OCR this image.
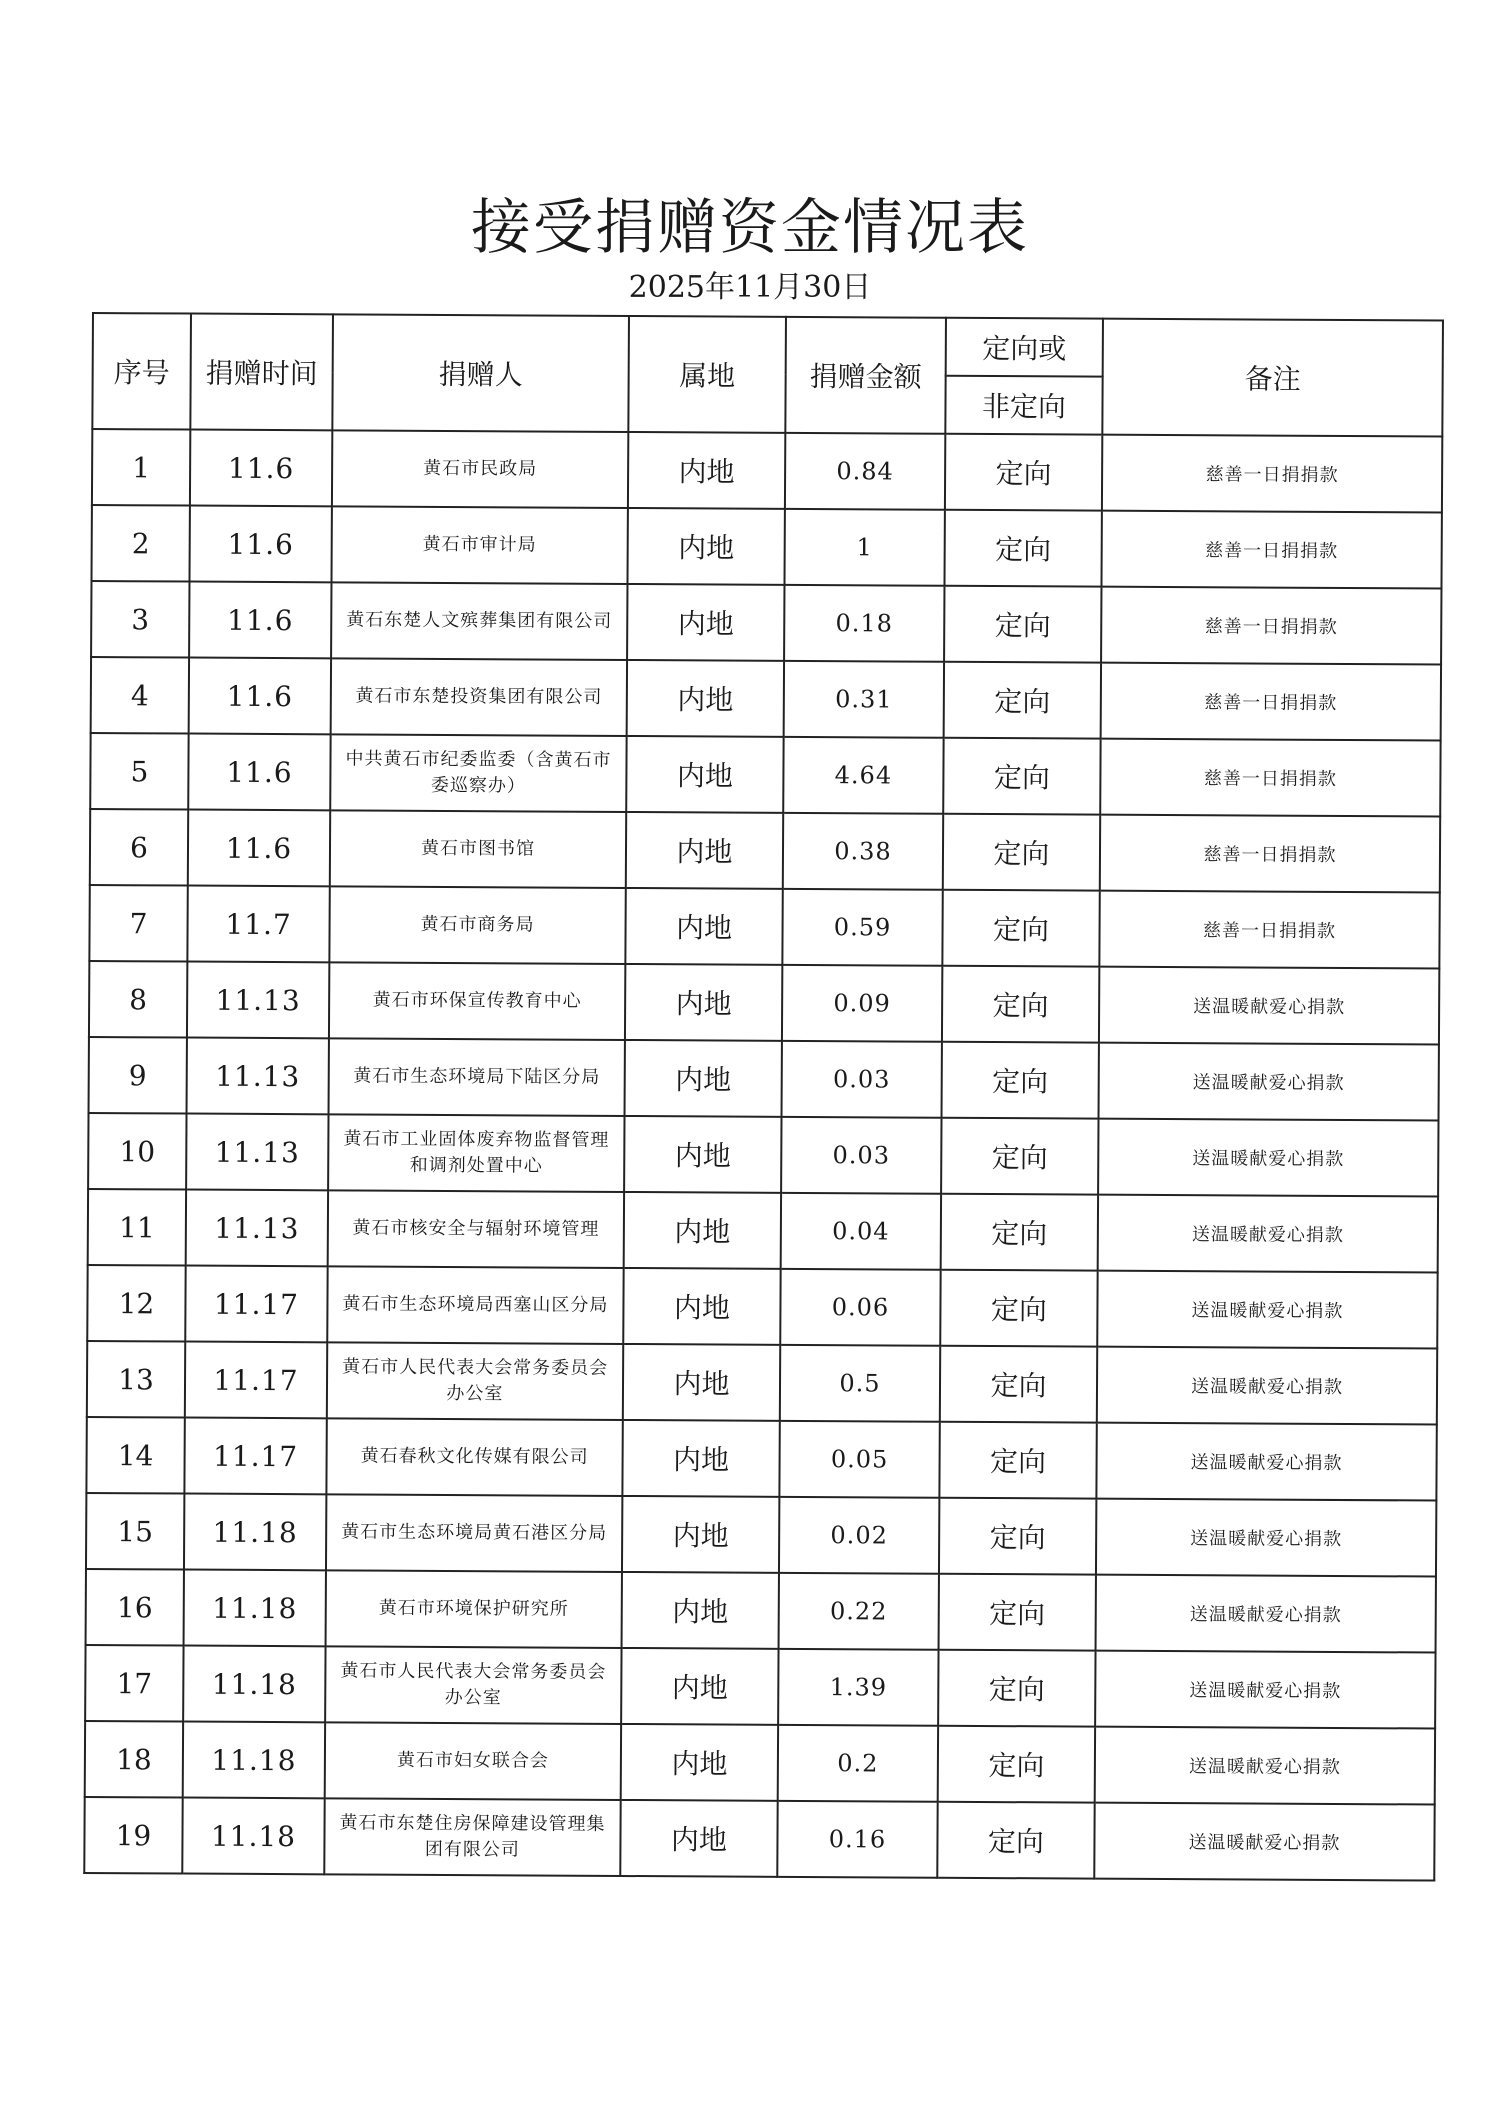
接受捐赠资金情况表
2025年11月30日
序号	捐赠时间	捐赠人	属地	捐赠金额	定向或	备注
					非定向	
1	11.6	黄石市民政局	内地	0.84	定向	慈善一日捐捐款
2	11.6	黄石市审计局	内地	1	定向	慈善一日捐捐款
3	11.6	黄石东楚人文殡葬集团有限公司	内地	0.18	定向	慈善一日捐捐款
4	11.6	黄石市东楚投资集团有限公司	内地	0.31	定向	慈善一日捐捐款
5	11.6	中共黄石市纪委监委（含黄石市委巡察办）	内地	4.64	定向	慈善一日捐捐款
6	11.6	黄石市图书馆	内地	0.38	定向	慈善一日捐捐款
7	11.7	黄石市商务局	内地	0.59	定向	慈善一日捐捐款
8	11.13	黄石市环保宣传教育中心	内地	0.09	定向	送温暖献爱心捐款
9	11.13	黄石市生态环境局下陆区分局	内地	0.03	定向	送温暖献爱心捐款
10	11.13	黄石市工业固体废弃物监督管理和调剂处置中心	内地	0.03	定向	送温暖献爱心捐款
11	11.13	黄石市核安全与辐射环境管理	内地	0.04	定向	送温暖献爱心捐款
12	11.17	黄石市生态环境局西塞山区分局	内地	0.06	定向	送温暖献爱心捐款
13	11.17	黄石市人民代表大会常务委员会办公室	内地	0.5	定向	送温暖献爱心捐款
14	11.17	黄石春秋文化传媒有限公司	内地	0.05	定向	送温暖献爱心捐款
15	11.18	黄石市生态环境局黄石港区分局	内地	0.02	定向	送温暖献爱心捐款
16	11.18	黄石市环境保护研究所	内地	0.22	定向	送温暖献爱心捐款
17	11.18	黄石市人民代表大会常务委员会办公室	内地	1.39	定向	送温暖献爱心捐款
18	11.18	黄石市妇女联合会	内地	0.2	定向	送温暖献爱心捐款
19	11.18	黄石市东楚住房保障建设管理集团有限公司	内地	0.16	定向	送温暖献爱心捐款
